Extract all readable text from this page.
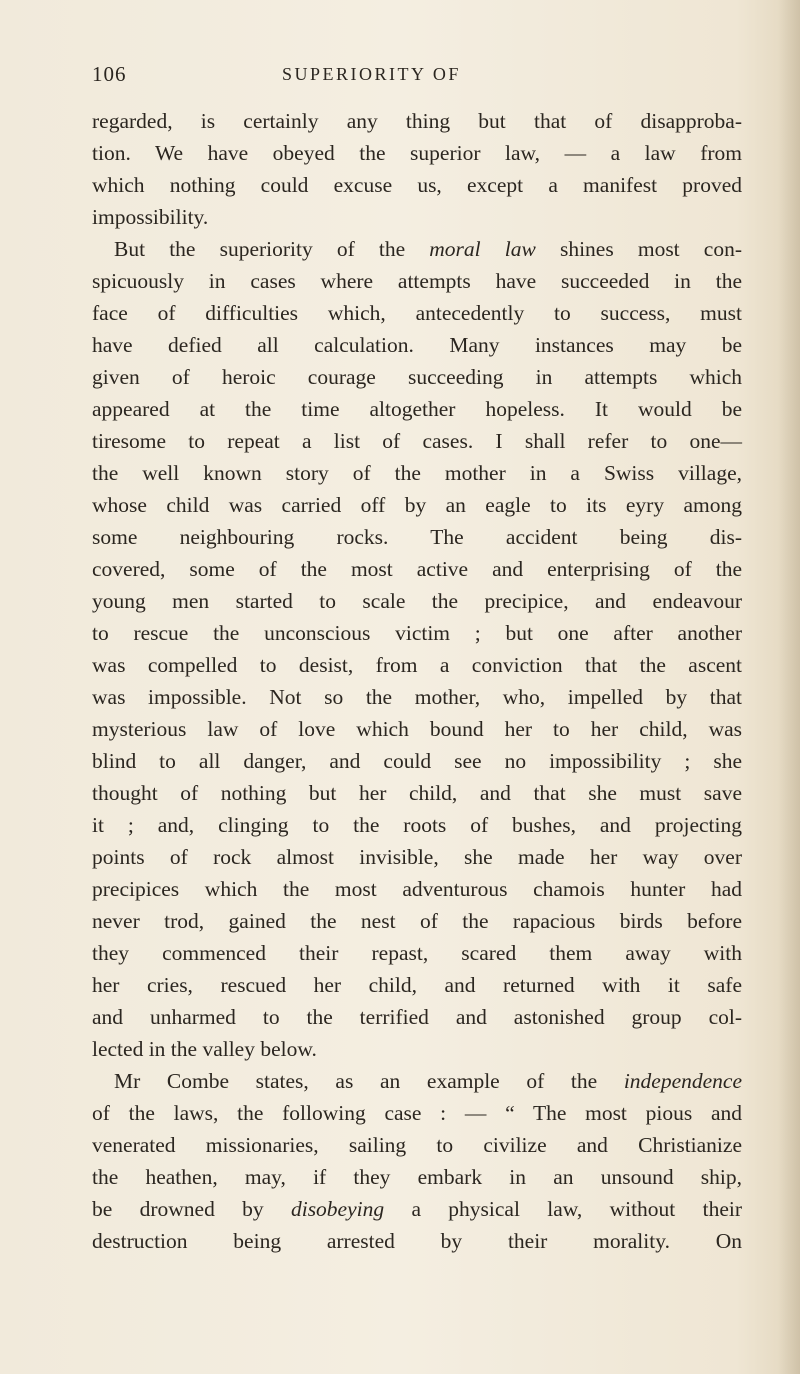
106	SUPERIORITY OF
regarded, is certainly any thing but that of disapproba-
tion. We have obeyed the superior law, — a law from
which nothing could excuse us, except a manifest proved
impossibility.
But the superiority of the moral law shines most con-
spicuously in cases where attempts have succeeded in the
face of difficulties which, antecedently to success, must
have defied all calculation. Many instances may be
given of heroic courage succeeding in attempts which
appeared at the time altogether hopeless. It would be
tiresome to repeat a list of cases. I shall refer to one—
the well known story of the mother in a Swiss village,
whose child was carried off by an eagle to its eyry among
some neighbouring rocks. The accident being dis-
covered, some of the most active and enterprising of the
young men started to scale the precipice, and endeavour
to rescue the unconscious victim ; but one after another
was compelled to desist, from a conviction that the ascent
was impossible. Not so the mother, who, impelled by that
mysterious law of love which bound her to her child, was
blind to all danger, and could see no impossibility ; she
thought of nothing but her child, and that she must save
it ; and, clinging to the roots of bushes, and projecting
points of rock almost invisible, she made her way over
precipices which the most adventurous chamois hunter had
never trod, gained the nest of the rapacious birds before
they commenced their repast, scared them away with
her cries, rescued her child, and returned with it safe
and unharmed to the terrified and astonished group col-
lected in the valley below.
Mr Combe states, as an example of the independence
of the laws, the following case : — “ The most pious and
venerated missionaries, sailing to civilize and Christianize
the heathen, may, if they embark in an unsound ship,
be drowned by disobeying a physical law, without their
destruction being arrested by their morality. On
